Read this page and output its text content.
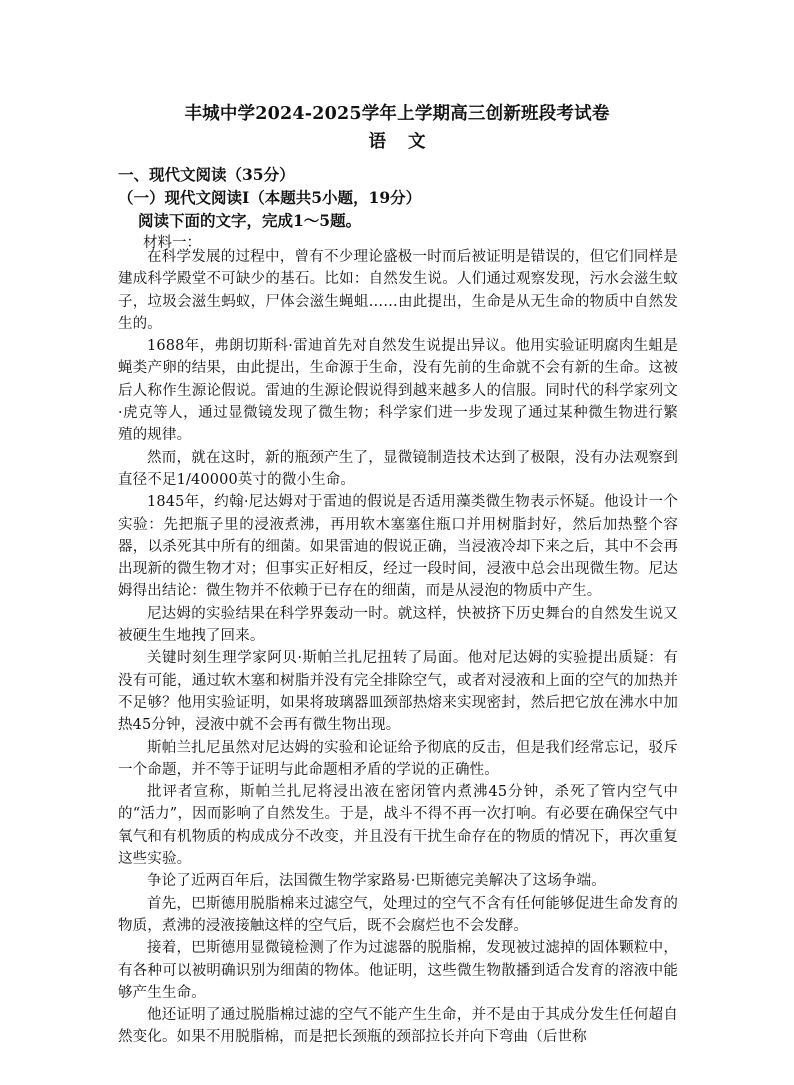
丰城中学2024-2025学年上学期高三创新班段考试卷
语文
一、现代文阅读（35分）
（一）现代文阅读Ⅰ（本题共5小题，19分）
阅读下面的文字，完成1～5题。
材料一：

在科学发展的过程中，曾有不少理论盛极一时而后被证明是错误的，但它们同样是建成科学殿堂不可缺少的基石。比如：自然发生说。人们通过观察发现，污水会滋生蚊子，垃圾会滋生蚂蚁，尸体会滋生蝇蛆……由此提出，生命是从无生命的物质中自然发生的。

1688年，弗朗切斯科·雷迪首先对自然发生说提出异议。他用实验证明腐肉生蛆是蝇类产卵的结果，由此提出，生命源于生命，没有先前的生命就不会有新的生命。这被后人称作生源论假说。雷迪的生源论假说得到越来越多人的信服。同时代的科学家列文·虎克等人，通过显微镜发现了微生物；科学家们进一步发现了通过某种微生物进行繁殖的规律。

然而，就在这时，新的瓶颈产生了，显微镜制造技术达到了极限，没有办法观察到直径不足1/40000英寸的微小生命。

1845年，约翰·尼达姆对于雷迪的假说是否适用藻类微生物表示怀疑。他设计一个实验：先把瓶子里的浸液煮沸，再用软木塞塞住瓶口并用树脂封好，然后加热整个容器，以杀死其中所有的细菌。如果雷迪的假说正确，当浸液冷却下来之后，其中不会再出现新的微生物才对；但事实正好相反，经过一段时间，浸液中总会出现微生物。尼达姆得出结论：微生物并不依赖于已存在的细菌，而是从浸泡的物质中产生。

尼达姆的实验结果在科学界轰动一时。就这样，快被挤下历史舞台的自然发生说又被硬生生地拽了回来。

关键时刻生理学家阿贝·斯帕兰扎尼扭转了局面。他对尼达姆的实验提出质疑：有没有可能，通过软木塞和树脂并没有完全排除空气，或者对浸液和上面的空气的加热并不足够？他用实验证明，如果将玻璃器皿颈部热熔来实现密封，然后把它放在沸水中加热45分钟，浸液中就不会再有微生物出现。

斯帕兰扎尼虽然对尼达姆的实验和论证给予彻底的反击，但是我们经常忘记，驳斥一个命题，并不等于证明与此命题相矛盾的学说的正确性。

批评者宣称，斯帕兰扎尼将浸出液在密闭管内煮沸45分钟，杀死了管内空气中的“活力”，因而影响了自然发生。于是，战斗不得不再一次打响。有必要在确保空气中氧气和有机物质的构成成分不改变，并且没有干扰生命存在的物质的情况下，再次重复这些实验。

争论了近两百年后，法国微生物学家路易·巴斯德完美解决了这场争端。

首先，巴斯德用脱脂棉来过滤空气，处理过的空气不含有任何能够促进生命发育的物质，煮沸的浸液接触这样的空气后，既不会腐烂也不会发酵。

接着，巴斯德用显微镜检测了作为过滤器的脱脂棉，发现被过滤掉的固体颗粒中，有各种可以被明确识别为细菌的物体。他证明，这些微生物散播到适合发育的溶液中能够产生生命。

他还证明了通过脱脂棉过滤的空气不能产生生命，并不是由于其成分发生任何超自然变化。如果不用脱脂棉，而是把长颈瓶的颈部拉长并向下弯曲（后世称
